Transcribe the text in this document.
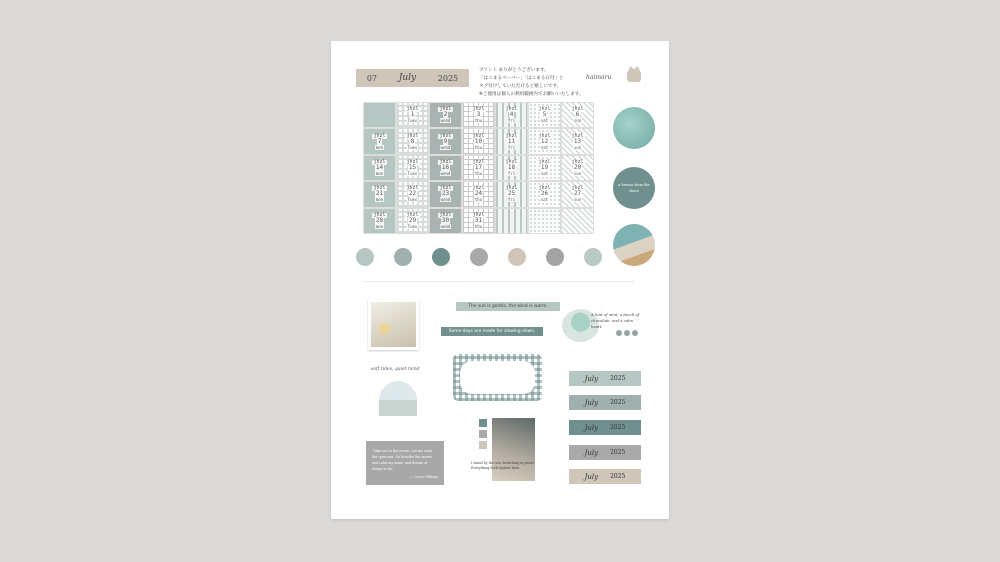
07 July	2025
プリント ありがとうございます。
「はこまるペーパー」「はこまる日付」と
タグ付けしていただけると嬉しいです。
※ご使用は個人の利用範囲内でお願いいたします。
haimaru
jhzl
1
Tues
jhzl
2
wend
jhzl
3
thu
jhzl
4
fri
jhzl
5
sat
jhzl
6
sun
jhzl
7
mon
jhzl
8
Tues
jhzl
9
wend
jhzl
10
thu
jhzl
11
fri
jhzl
12
sat
jhzl
13
sun
jhzl
14
mon
jhzl
15
Tues
jhzl
16
wend
jhzl
17
thu
jhzl
18
fri
jhzl
19
sat
jhzl
20
sun
jhzl
21
mon
jhzl
22
Tues
jhzl
23
wend
jhzl
24
thu
jhzl
25
fri
jhzl
26
sat
jhzl
27
sun
jhzl
28
mon
jhzl
29
Tues
jhzl
30
wend
jhzl
31
thu
a breeze from the shore
The sun is gentle, the wind is warm.
Some days are made for slowing down.
A hint of mint, a touch of chocolate, and a calm heart.
soft tides, quiet mind
I stand by the sea, breathing in peace. Everything feels lighter here.
"Take me to the ocean. Let me soak the open sea. Go breathe the waves and calm my mind, and dream of things to be."
— Cecco Shlings
July 2025
July 2025
July 2025
July 2025
July 2025
